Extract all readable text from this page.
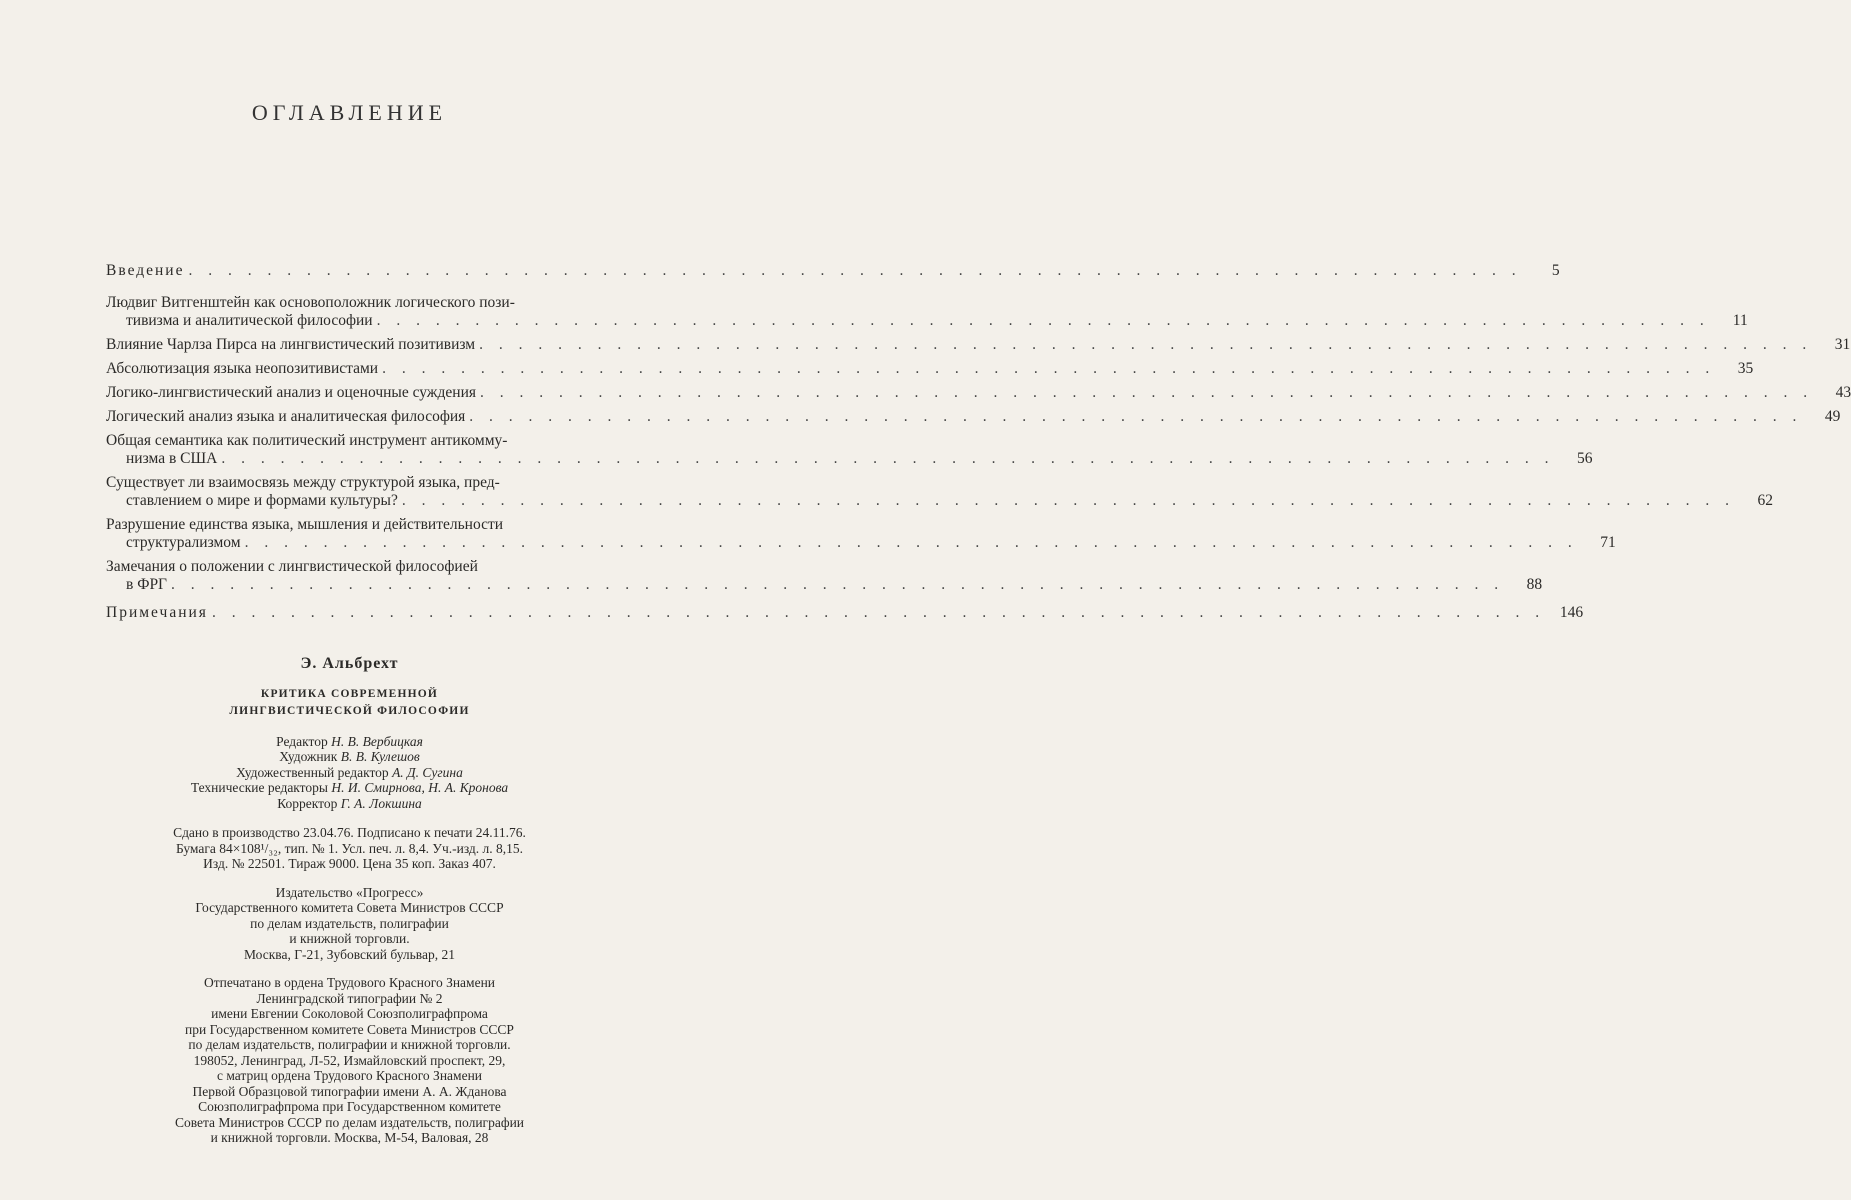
ОГЛАВЛЕНИЕ
Введение . . .	5
Людвиг Витгенштейн как основоположник логического пози-
тивизма и аналитической философии . . .	11
Влияние Чарлза Пирса на лингвистический позитивизм . . .	31
Абсолютизация языка неопозитивистами . . .	35
Логико-лингвистический анализ и оценочные суждения . . .	43
Логический анализ языка и аналитическая философия . . .	49
Общая семантика как политический инструмент антикомму-
низма в США . . .	56
Существует ли взаимосвязь между структурой языка, пред-
ставлением о мире и формами культуры? . . .	62
Разрушение единства языка, мышления и действительности
структурализмом . . .	71
Замечания о положении с лингвистической философией
в ФРГ . . .	88
Примечания . . .	146
Э. Альбрехт
КРИТИКА СОВРЕМЕННОЙ
ЛИНГВИСТИЧЕСКОЙ ФИЛОСОФИИ
Редактор Н. В. Вербицкая
Художник В. В. Кулешов
Художественный редактор А. Д. Сугина
Технические редакторы Н. И. Смирнова, Н. А. Кронова
Корректор Г. А. Локшина
Сдано в производство 23.04.76. Подписано к печати 24.11.76.
Бумага 84×108¹/₃₂, тип. № 1. Усл. печ. л. 8,4. Уч.-изд. л. 8,15.
Изд. № 22501. Тираж 9000. Цена 35 коп. Заказ 407.
Издательство «Прогресс»
Государственного комитета Совета Министров СССР
по делам издательств, полиграфии
и книжной торговли.
Москва, Г-21, Зубовский бульвар, 21
Отпечатано в ордена Трудового Красного Знамени
Ленинградской типографии № 2
имени Евгении Соколовой Союзполиграфпрома
при Государственном комитете Совета Министров СССР
по делам издательств, полиграфии и книжной торговли.
198052, Ленинград, Л-52, Измайловский проспект, 29,
с матриц ордена Трудового Красного Знамени
Первой Образцовой типографии имени А. А. Жданова
Союзполиграфпрома при Государственном комитете
Совета Министров СССР по делам издательств, полиграфии
и книжной торговли. Москва, М-54, Валовая, 28
